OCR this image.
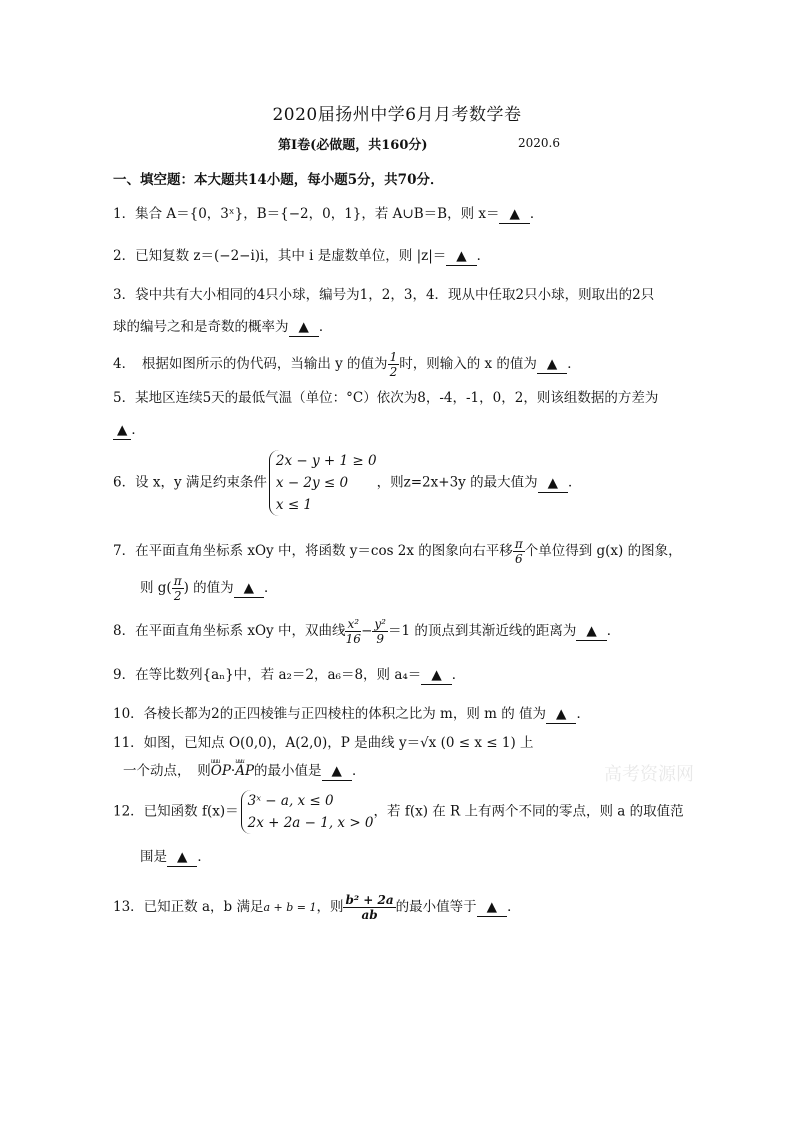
2020届扬州中学6月月考数学卷
第Ⅰ卷(必做题，共160分)	2020.6
一、填空题：本大题共14小题，每小题5分，共70分．
1．集合 A＝{0，3ˣ}，B＝{−2，0，1}，若 A∪B＝B，则 x＝ ▲ ．
2．已知复数 z＝(−2−i)i，其中 i 是虚数单位，则 |z|＝ ▲ ．
3．袋中共有大小相同的4只小球，编号为1，2，3，4．现从中任取2只小球，则取出的2只
球的编号之和是奇数的概率为 ▲ ．
4．　根据如图所示的伪代码，当输出 y 的值为 $\frac{1}{2}$ 时，则输入的 x 的值为 ▲ ．
5．某地区连续5天的最低气温（单位：°C）依次为8，-4，-1，0，2，则该组数据的方差为
▲ ．
6．设 x，y 满足约束条件
2x − y + 1 ≥ 0
x − 2y ≤ 0
x ≤ 1
，则z=2x+3y 的最大值为 ▲ ．
7．在平面直角坐标系 xOy 中，将函数 y＝cos 2x 的图象向右平移 $\frac{\pi}{6}$ 个单位得到 g(x) 的图象，
则 $g( \frac{\pi}{2}$ ) 的值为 ▲ ．
8．在平面直角坐标系 xOy 中，双曲线 $\frac{\text{x²}}{16} - \frac{\text{y²}}{9} =1$ 的顶点到其渐近线的距离为 ▲ ．
9．在等比数列{aₙ}中，若 a₂＝2，a₆＝8，则 a₄＝ ▲ ．
10．各棱长都为2的正四棱锥与正四棱柱的体积之比为 m，则 m 的 值为 ▲ ．
11．如图，已知点 O(0,0)，A(2,0)，P 是曲线 y＝√x (0 ≤ x ≤ 1) 上
一个动点，　则uuu OP·uuu AP的最小值是 ▲ ．
12．已知函数 f(x)＝
3ˣ − a, x ≤ 0
2x + 2a − 1, x > 0
，若 f(x) 在 R 上有两个不同的零点，则 a 的取值范
围是 ▲ ．
13．已知正数 a，b 满足a + b = 1，则 $\frac{\text{b² + 2a}}{ab}$ 的最小值等于 ▲ ．
高考资源网
